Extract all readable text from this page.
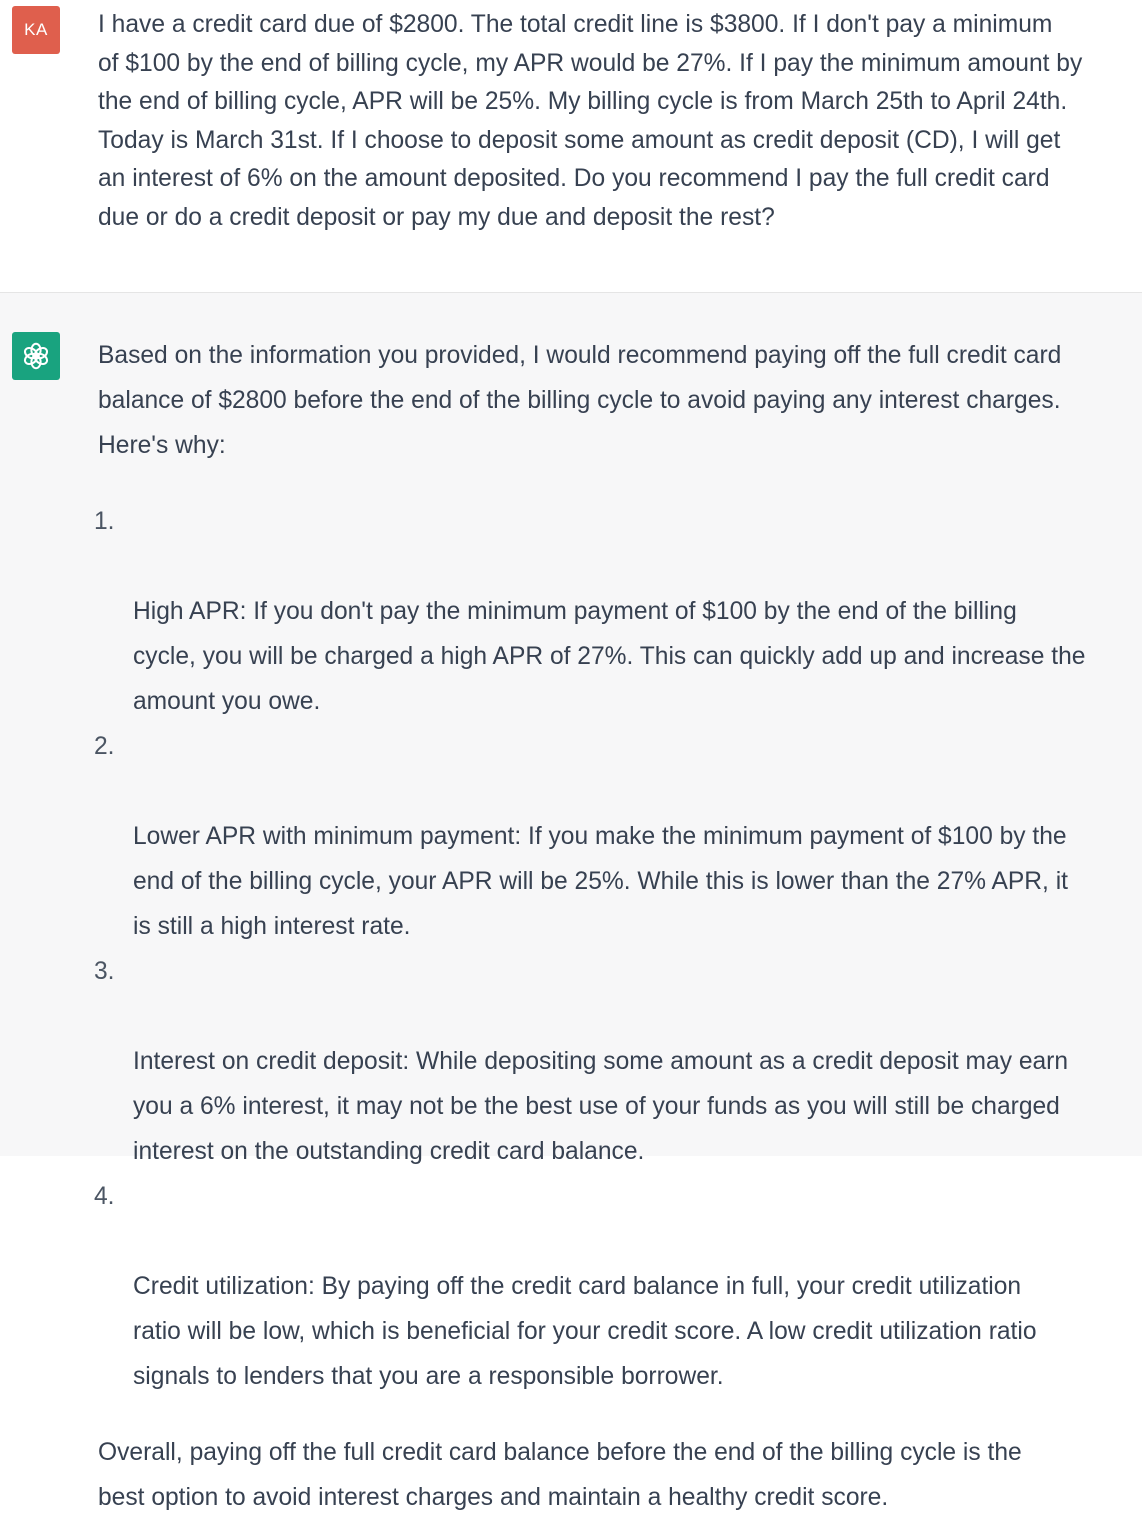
KA I have a credit card due of $2800. The total credit line is $3800. If I don't pay a minimum
of $100 by the end of billing cycle, my APR would be 27%. If I pay the minimum amount by
the end of billing cycle, APR will be 25%. My billing cycle is from March 25th to April 24th.
Today is March 31st. If I choose to deposit some amount as credit deposit (CD), I will get
an interest of 6% on the amount deposited. Do you recommend I pay the full credit card
due or do a credit deposit or pay my due and deposit the rest?

Based on the information you provided, I would recommend paying off the full credit card
balance of $2800 before the end of the billing cycle to avoid paying any interest charges.
Here's why:

1.

High APR: If you don't pay the minimum payment of $100 by the end of the billing
cycle, you will be charged a high APR of 27%. This can quickly add up and increase the
amount you owe.

2.

Lower APR with minimum payment: If you make the minimum payment of $100 by the
end of the billing cycle, your APR will be 25%. While this is lower than the 27% APR, it
is still a high interest rate.

3.

Interest on credit deposit: While depositing some amount as a credit deposit may earn
you a 6% interest, it may not be the best use of your funds as you will still be charged
interest on the outstanding credit card balance.

4.

Credit utilization: By paying off the credit card balance in full, your credit utilization
ratio will be low, which is beneficial for your credit score. A low credit utilization ratio
signals to lenders that you are a responsible borrower.

Overall, paying off the full credit card balance before the end of the billing cycle is the
best option to avoid interest charges and maintain a healthy credit score.
